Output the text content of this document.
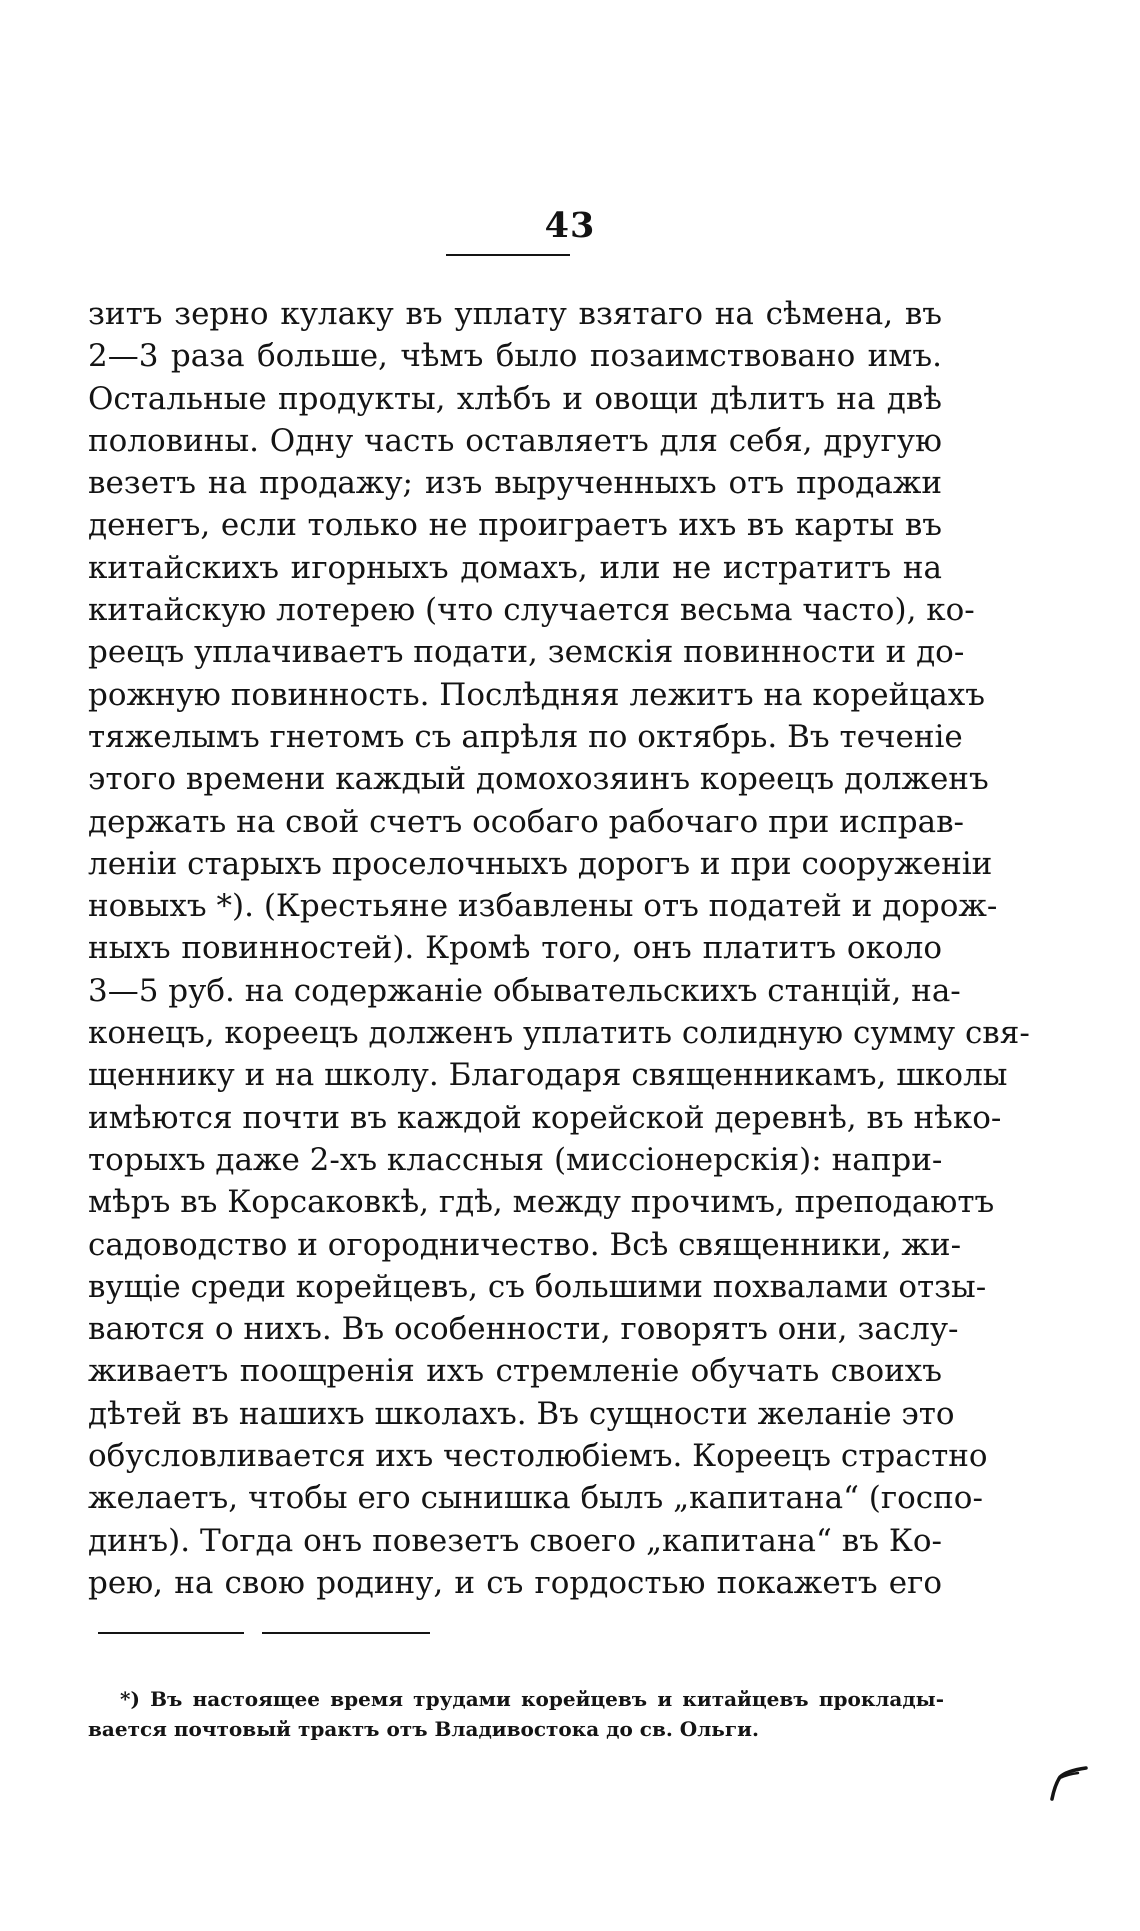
43
зитъ зерно кулаку въ уплату взятаго на сѣмена, въ
2—3 раза больше, чѣмъ было позаимствовано имъ.
Остальные продукты, хлѣбъ и овощи дѣлитъ на двѣ
половины. Одну часть оставляетъ для себя, другую
везетъ на продажу; изъ вырученныхъ отъ продажи
денегъ, если только не проиграетъ ихъ въ карты въ
китайскихъ игорныхъ домахъ, или не истратитъ на
китайскую лотерею (что случается весьма часто), ко-
реецъ уплачиваетъ подати, земскія повинности и до-
рожную повинность. Послѣдняя лежитъ на корейцахъ
тяжелымъ гнетомъ съ апрѣля по октябрь. Въ теченіе
этого времени каждый домохозяинъ кореецъ долженъ
держать на свой счетъ особаго рабочаго при исправ-
леніи старыхъ проселочныхъ дорогъ и при сооруженіи
новыхъ *). (Крестьяне избавлены отъ податей и дорож-
ныхъ повинностей). Кромѣ того, онъ платитъ около
3—5 руб. на содержаніе обывательскихъ станцій, на-
конецъ, кореецъ долженъ уплатить солидную сумму свя-
щеннику и на школу. Благодаря священникамъ, школы
имѣются почти въ каждой корейской деревнѣ, въ нѣко-
торыхъ даже 2-хъ классныя (миссіонерскія): напри-
мѣръ въ Корсаковкѣ, гдѣ, между прочимъ, преподаютъ
садоводство и огородничество. Всѣ священники, жи-
вущіе среди корейцевъ, съ большими похвалами отзы-
ваются о нихъ. Въ особенности, говорятъ они, заслу-
живаетъ поощренія ихъ стремленіе обучать своихъ
дѣтей въ нашихъ школахъ. Въ сущности желаніе это
обусловливается ихъ честолюбіемъ. Кореецъ страстно
желаетъ, чтобы его сынишка былъ „капитана“ (госпо-
динъ). Тогда онъ повезетъ своего „капитана“ въ Ко-
рею, на свою родину, и съ гордостью покажетъ его
*) Въ настоящее время трудами корейцевъ и китайцевъ проклады-
вается почтовый трактъ отъ Владивостока до св. Ольги.
